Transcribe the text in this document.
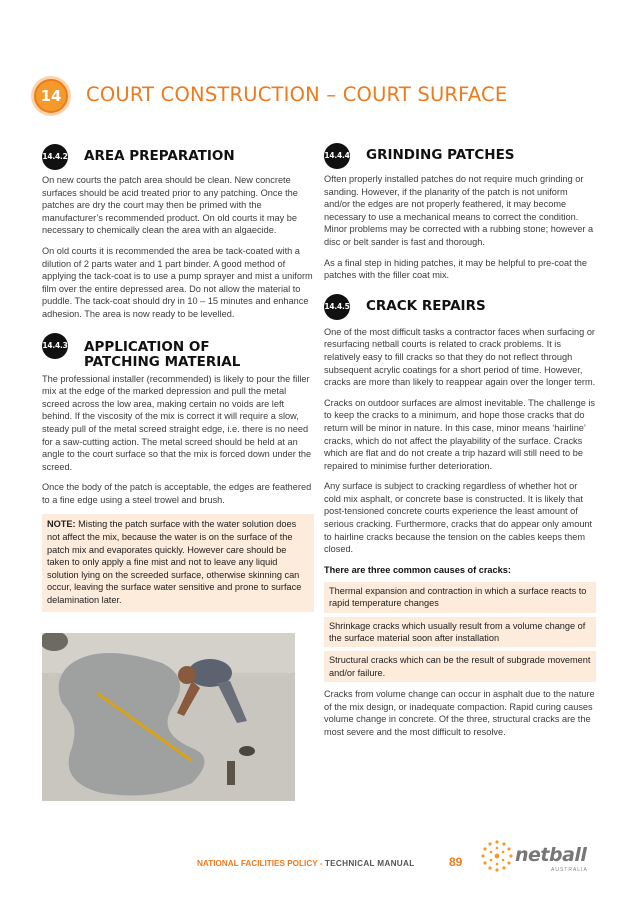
14 COURT CONSTRUCTION – COURT SURFACE
14.4.2 AREA PREPARATION

On new courts the patch area should be clean. New concrete surfaces should be acid treated prior to any patching. Once the patches are dry the court may then be primed with the manufacturer’s recommended product. On old courts it may be necessary to chemically clean the area with an algaecide.

On old courts it is recommended the area be tack-coated with a dilution of 2 parts water and 1 part binder. A good method of applying the tack-coat is to use a pump sprayer and mist a uniform film over the entire depressed area. Do not allow the material to puddle. The tack-coat should dry in 10 – 15 minutes and enhance adhesion. The area is now ready to be levelled.

14.4.3 APPLICATION OF
PATCHING MATERIAL

The professional installer (recommended) is likely to pour the filler mix at the edge of the marked depression and pull the metal screed across the low area, making certain no voids are left behind. If the viscosity of the mix is correct it will require a slow, steady pull of the metal screed straight edge, i.e. there is no need for a saw-cutting action. The metal screed should be held at an angle to the court surface so that the mix is forced down under the screed.

Once the body of the patch is acceptable, the edges are feathered to a fine edge using a steel trowel and brush.

NOTE: Misting the patch surface with the water solution does not affect the mix, because the water is on the surface of the patch mix and evaporates quickly. However care should be taken to only apply a fine mist and not to leave any liquid solution lying on the screeded surface, otherwise skinning can occur, leaving the surface water sensitive and prone to surface delamination later.
14.4.4 GRINDING PATCHES

Often properly installed patches do not require much grinding or sanding. However, if the planarity of the patch is not uniform and/or the edges are not properly feathered, it may become necessary to use a mechanical means to correct the condition. Minor problems may be corrected with a rubbing stone; however a disc or belt sander is fast and thorough.

As a final step in hiding patches, it may be helpful to pre-coat the patches with the filler coat mix.

14.4.5 CRACK REPAIRS

One of the most difficult tasks a contractor faces when surfacing or resurfacing netball courts is related to crack problems. It is relatively easy to fill cracks so that they do not reflect through subsequent acrylic coatings for a short period of time. However, cracks are more than likely to reappear again over the longer term.

Cracks on outdoor surfaces are almost inevitable. The challenge is to keep the cracks to a minimum, and hope those cracks that do return will be minor in nature. In this case, minor means ‘hairline’ cracks, which do not affect the playability of the surface. Cracks which are flat and do not create a trip hazard will still need to be repaired to minimise further deterioration.

Any surface is subject to cracking regardless of whether hot or cold mix asphalt, or concrete base is constructed. It is likely that post-tensioned concrete courts experience the least amount of serious cracking. Furthermore, cracks that do appear only amount to hairline cracks because the tension on the cables keeps them closed.

There are three common causes of cracks:
Thermal expansion and contraction in which a surface reacts to rapid temperature changes
Shrinkage cracks which usually result from a volume change of the surface material soon after installation
Structural cracks which can be the result of subgrade movement and/or failure.

Cracks from volume change can occur in asphalt due to the nature of the mix design, or inadequate compaction. Rapid curing causes volume change in concrete. Of the three, structural cracks are the most severe and the most difficult to resolve.

NATIONAL FACILITIES POLICY - TECHNICAL MANUAL	89	netball
AUSTRALIA
